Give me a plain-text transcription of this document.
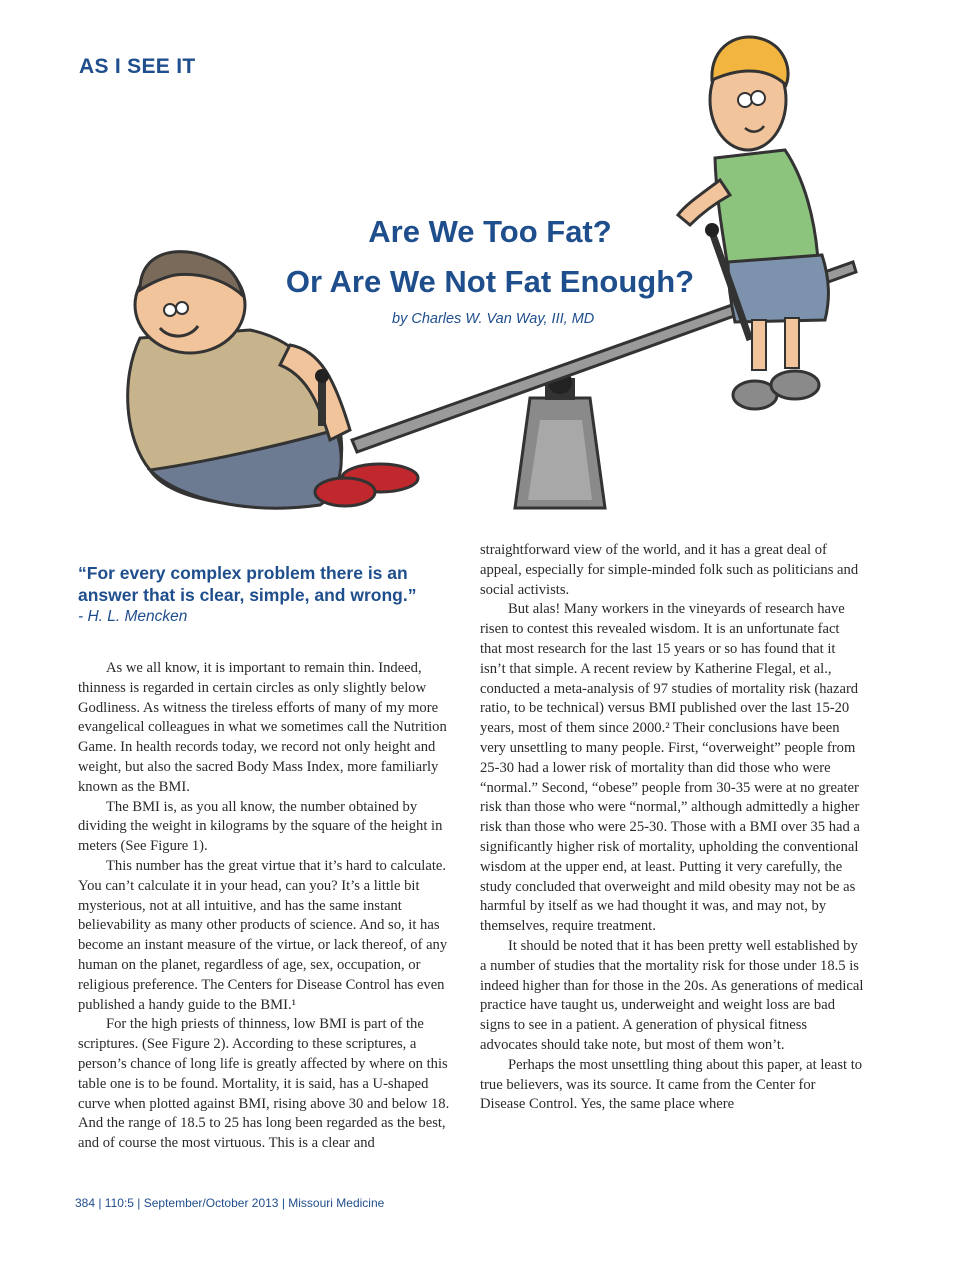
AS I SEE IT
Are We Too Fat?
Or Are We Not Fat Enough?
by Charles W. Van Way, III, MD
“For every complex problem there is an answer that is clear, simple, and wrong.”
- H. L. Mencken

As we all know, it is important to remain thin. Indeed, thinness is regarded in certain circles as only slightly below Godliness. As witness the tireless efforts of many of my more evangelical colleagues in what we sometimes call the Nutrition Game. In health records today, we record not only height and weight, but also the sacred Body Mass Index, more familiarly known as the BMI.

The BMI is, as you all know, the number obtained by dividing the weight in kilograms by the square of the height in meters (See Figure 1).

This number has the great virtue that it’s hard to calculate. You can’t calculate it in your head, can you? It’s a little bit mysterious, not at all intuitive, and has the same instant believability as many other products of science. And so, it has become an instant measure of the virtue, or lack thereof, of any human on the planet, regardless of age, sex, occupation, or religious preference. The Centers for Disease Control has even published a handy guide to the BMI.¹

For the high priests of thinness, low BMI is part of the scriptures. (See Figure 2). According to these scriptures, a person’s chance of long life is greatly affected by where on this table one is to be found. Mortality, it is said, has a U-shaped curve when plotted against BMI, rising above 30 and below 18. And the range of 18.5 to 25 has long been regarded as the best, and of course the most virtuous. This is a clear and

straightforward view of the world, and it has a great deal of appeal, especially for simple-minded folk such as politicians and social activists.

But alas! Many workers in the vineyards of research have risen to contest this revealed wisdom. It is an unfortunate fact that most research for the last 15 years or so has found that it isn’t that simple. A recent review by Katherine Flegal, et al., conducted a meta-analysis of 97 studies of mortality risk (hazard ratio, to be technical) versus BMI published over the last 15-20 years, most of them since 2000.² Their conclusions have been very unsettling to many people. First, “overweight” people from 25-30 had a lower risk of mortality than did those who were “normal.” Second, “obese” people from 30-35 were at no greater risk than those who were “normal,” although admittedly a higher risk than those who were 25-30. Those with a BMI over 35 had a significantly higher risk of mortality, upholding the conventional wisdom at the upper end, at least. Putting it very carefully, the study concluded that overweight and mild obesity may not be as harmful by itself as we had thought it was, and may not, by themselves, require treatment.

It should be noted that it has been pretty well established by a number of studies that the mortality risk for those under 18.5 is indeed higher than for those in the 20s. As generations of medical practice have taught us, underweight and weight loss are bad signs to see in a patient. A generation of physical fitness advocates should take note, but most of them won’t.

Perhaps the most unsettling thing about this paper, at least to true believers, was its source. It came from the Center for Disease Control. Yes, the same place where

384 | 110:5 | September/October 2013 | Missouri Medicine
